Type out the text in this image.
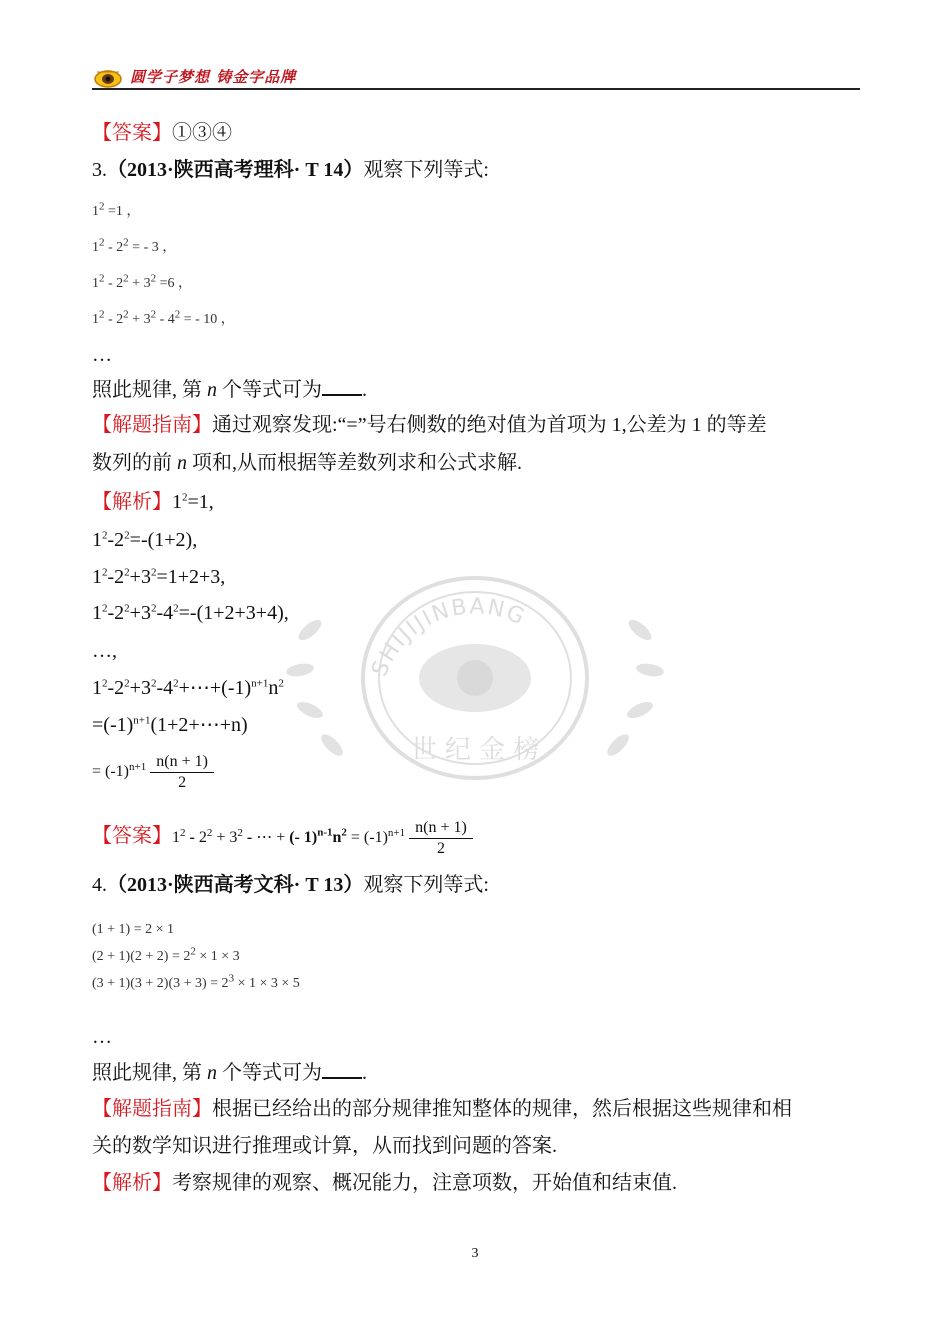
圆学子梦想 铸金字品牌
SHIJIJINBANG
世 纪 金 榜
【答案】①③④
3.（2013·陕西高考理科· T 14）观察下列等式:
$1^2 =1$ ，
$1^2 - 2^2$ = - 3 ，
$1^2 - 2^2 + 3^2 =6$ ，
$1^2 - 2^2 + 3^2 - 4^2$ = - 10 ，
…
照此规律, 第 n 个等式可为 .
【解题指南】通过观察发现:“=”号右侧数的绝对值为首项为 1,公差为 1 的等差
数列的前 n 项和,从而根据等差数列求和公式求解.
【解析】$1^2=1$,
$1^2-2^2=-(1+2)$,
$1^2-2^2+3^2=1+2+3$,
$1^2-2^2+3^2-4^2=-(1+2+3+4)$,
…,
$1^2-2^2+3^2-4^2+\cdots+(-1)^{n+1}n^2$
$=(-1)^{n+1}(1+2+\cdots+n)$
= $(-1)^{n+1} \frac{n(n + 1)}{2}$
【答案】$1^2 - 2^2 + 3^2$ - ⋯ + (- $1)^{n-1}n^2 = (-1)^{n+1} \frac{n(n + 1)}{2}$
4.（2013·陕西高考文科· T 13）观察下列等式:
(1 + 1) = 2 × 1
$(2 + 1)(2 + 2) = 2^2 \times 1 \times 3$
$(3 + 1)(3 + 2)(3 + 3) = 2^3 \times 1 \times 3 \times 5$
…
照此规律, 第 n 个等式可为 .
【解题指南】根据已经给出的部分规律推知整体的规律，然后根据这些规律和相
关的数学知识进行推理或计算，从而找到问题的答案.
【解析】考察规律的观察、概况能力，注意项数，开始值和结束值.
3
